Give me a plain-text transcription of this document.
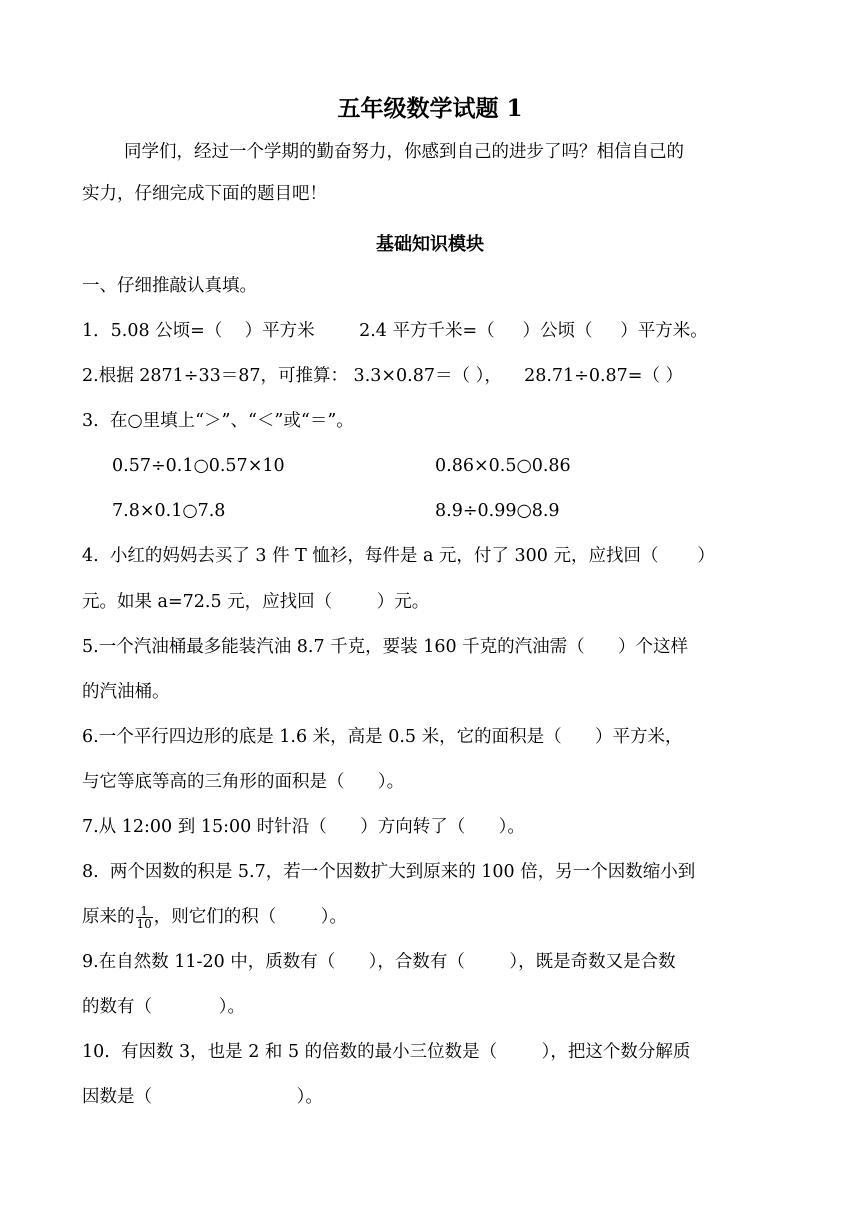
五年级数学试题 1
同学们，经过一个学期的勤奋努力，你感到自己的进步了吗？相信自己的
实力，仔细完成下面的题目吧！
基础知识模块
一、仔细推敲认真填。
1．5.08 公顷=（    ）平方米        2.4 平方千米=（     ）公顷（     ）平方米。
2.根据 2871÷33＝87，可推算： 3.3×0.87＝（ ），    28.71÷0.87=（ ）
3.  在○里填上“＞”、“＜”或“＝”。
0.57÷0.1○0.57×10	0.86×0.5○0.86
7.8×0.1○7.8	8.9÷0.99○8.9
4.  小红的妈妈去买了 3 件 T 恤衫，每件是 a 元，付了 300 元，应找回（       ）
元。如果 a=72.5 元，应找回（        ）元。
5.一个汽油桶最多能装汽油 8.7 千克，要装 160 千克的汽油需（      ）个这样
的汽油桶。
6.一个平行四边形的底是 1.6 米，高是 0.5 米，它的面积是（      ）平方米，
与它等底等高的三角形的面积是（      ）。
7.从 12:00 到 15:00 时针沿（      ）方向转了（      ）。
8.  两个因数的积是 5.7，若一个因数扩大到原来的 100 倍，另一个因数缩小到
原来的 $\frac{1}{10}$ ，则它们的积（        ）。
9.在自然数 11-20 中，质数有（      ），合数有（        ），既是奇数又是合数
的数有（            ）。
10.  有因数 3，也是 2 和 5 的倍数的最小三位数是（        ），把这个数分解质
因数是（                          ）。
